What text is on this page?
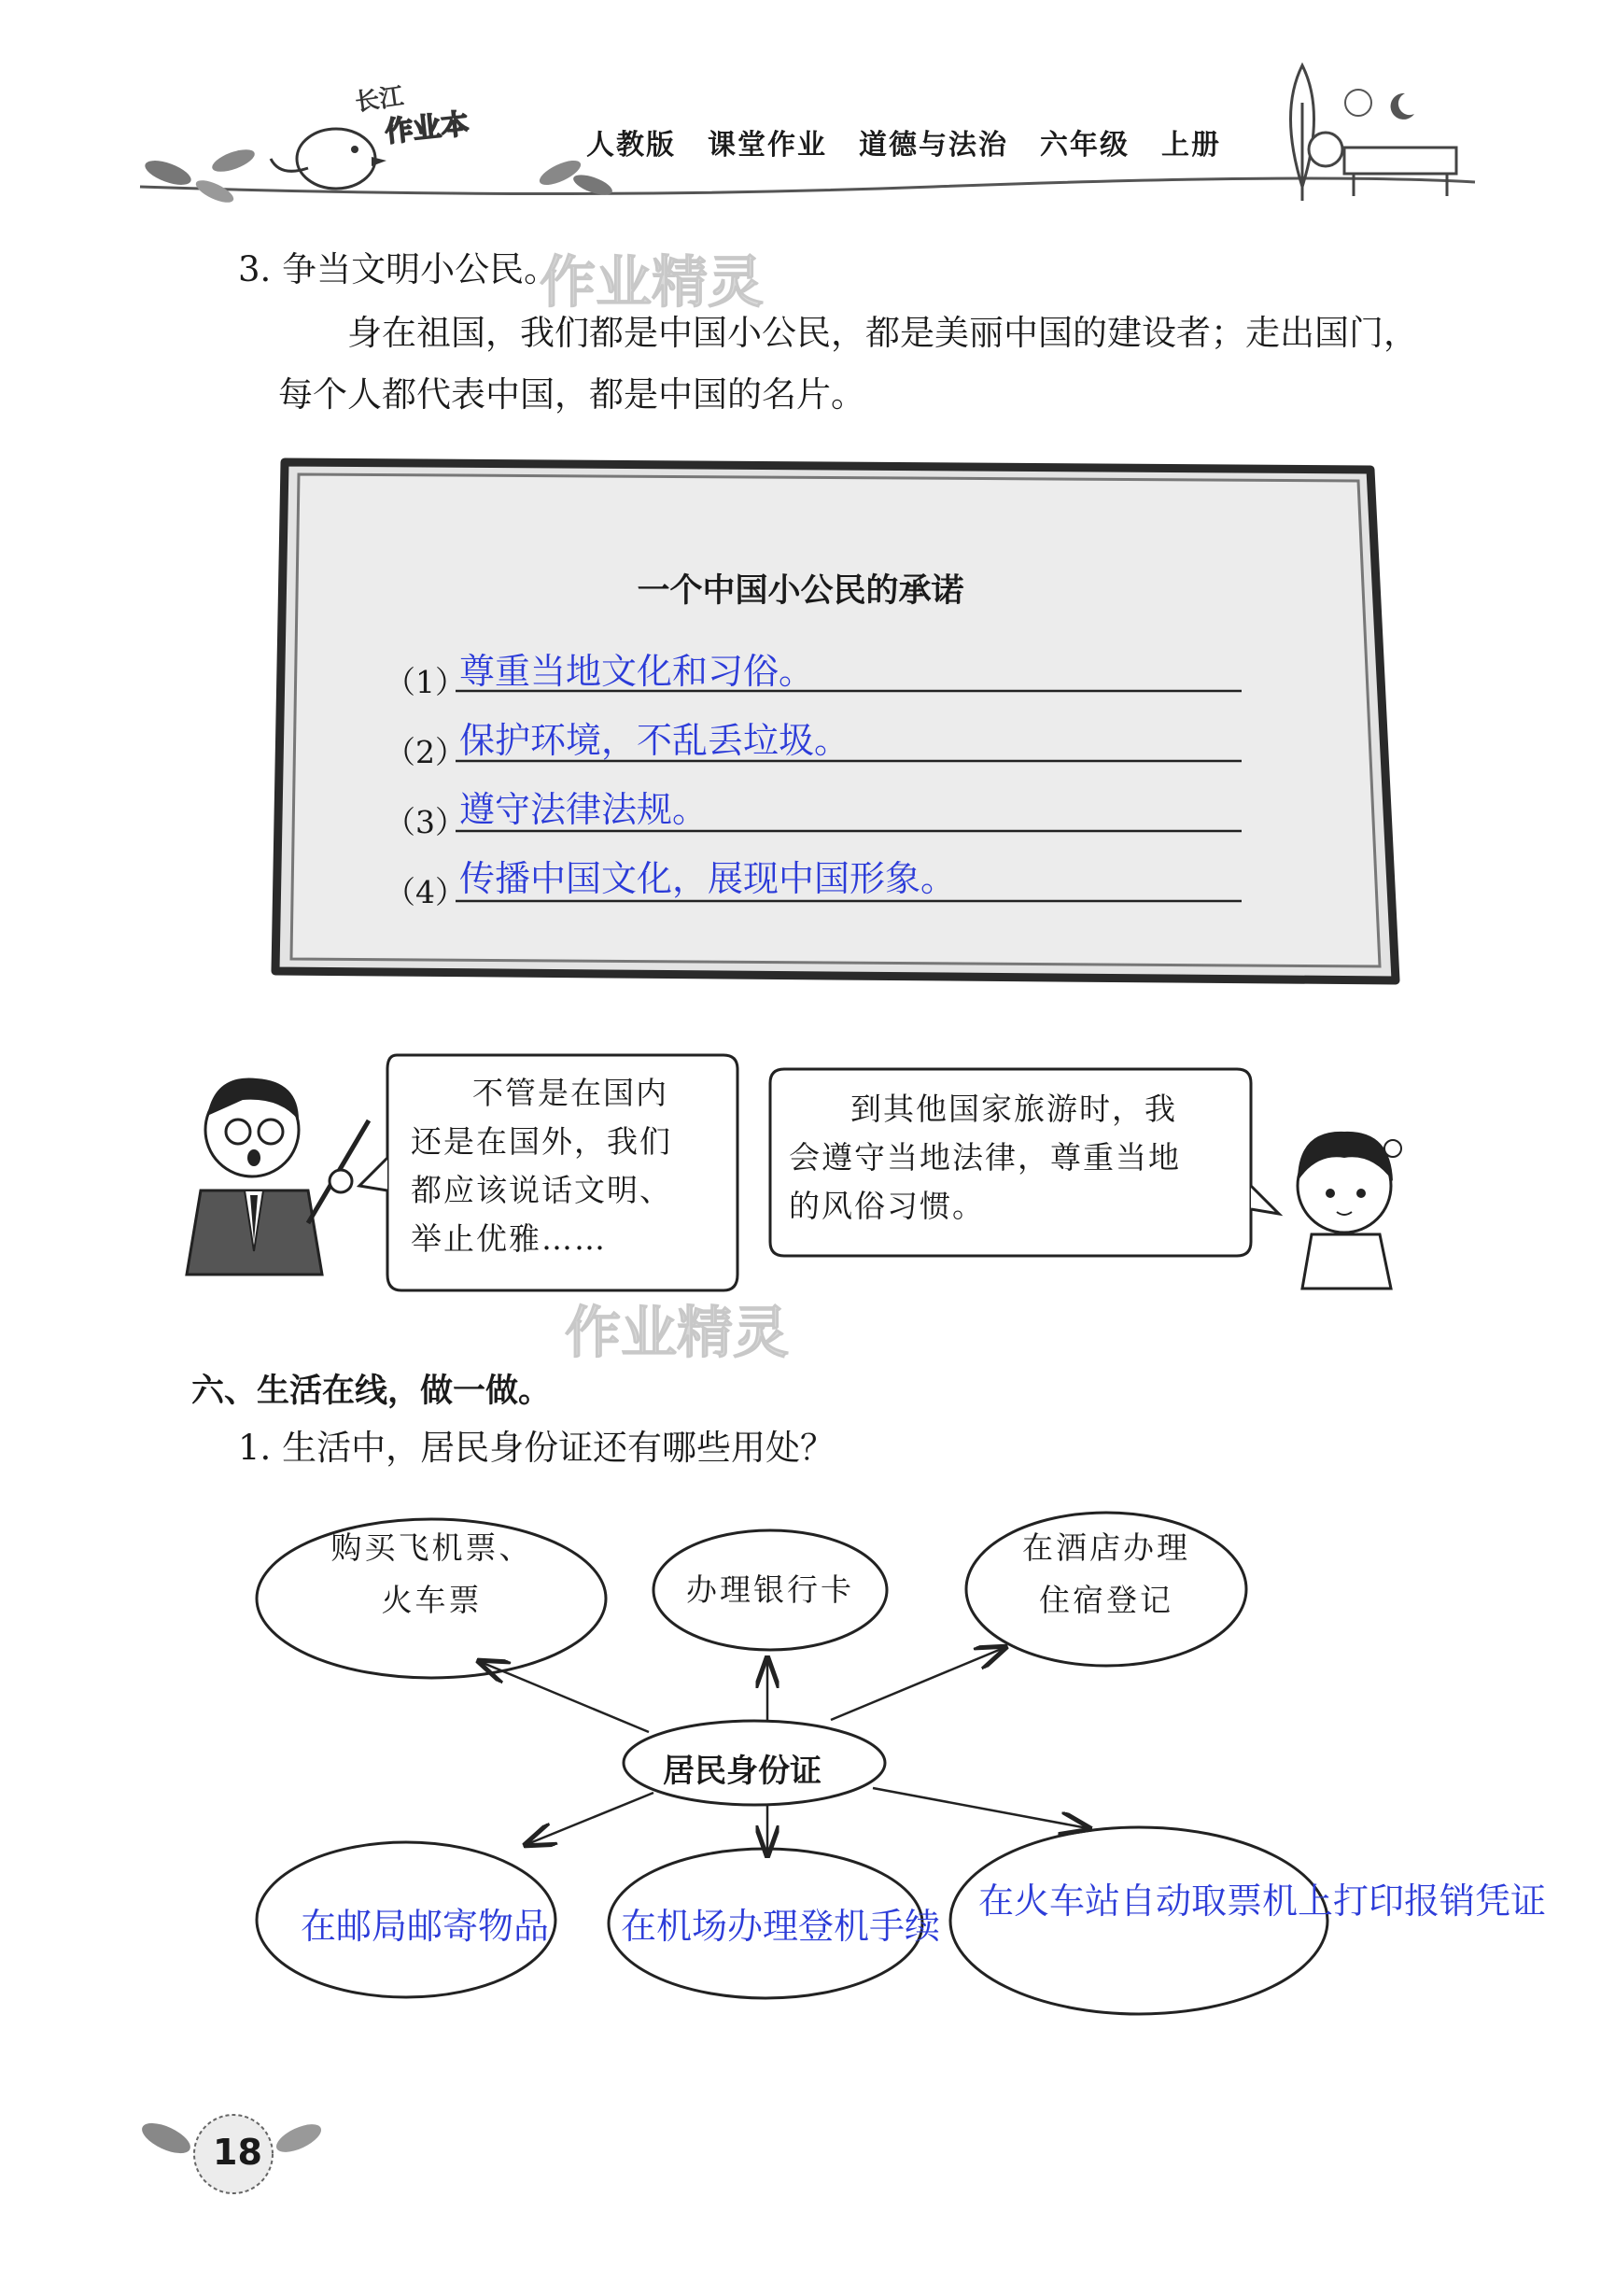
长江
作业本	人教版 课堂作业 道德与法治 六年级 上册
3. 争当文明小公民。
作业精灵
身在祖国，我们都是中国小公民，都是美丽中国的建设者；走出国门，
每个人都代表中国，都是中国的名片。
一个中国小公民的承诺
（1）
尊重当地文化和习俗。
（2）
保护环境，不乱丢垃圾。
（3）
遵守法律法规。
（4）
传播中国文化，展现中国形象。
不管是在国内
还是在国外，我们
都应该说话文明、
举止优雅……
到其他国家旅游时，我
会遵守当地法律，尊重当地
的风俗习惯。
作业精灵
六、生活在线，做一做。
1. 生活中，居民身份证还有哪些用处？
购买飞机票、
火车票	办理银行卡
在酒店办理
住宿登记
居民身份证
在邮局邮寄物品 在机场办理登机手续
在火车站自动取票机上打印报销凭证
18
